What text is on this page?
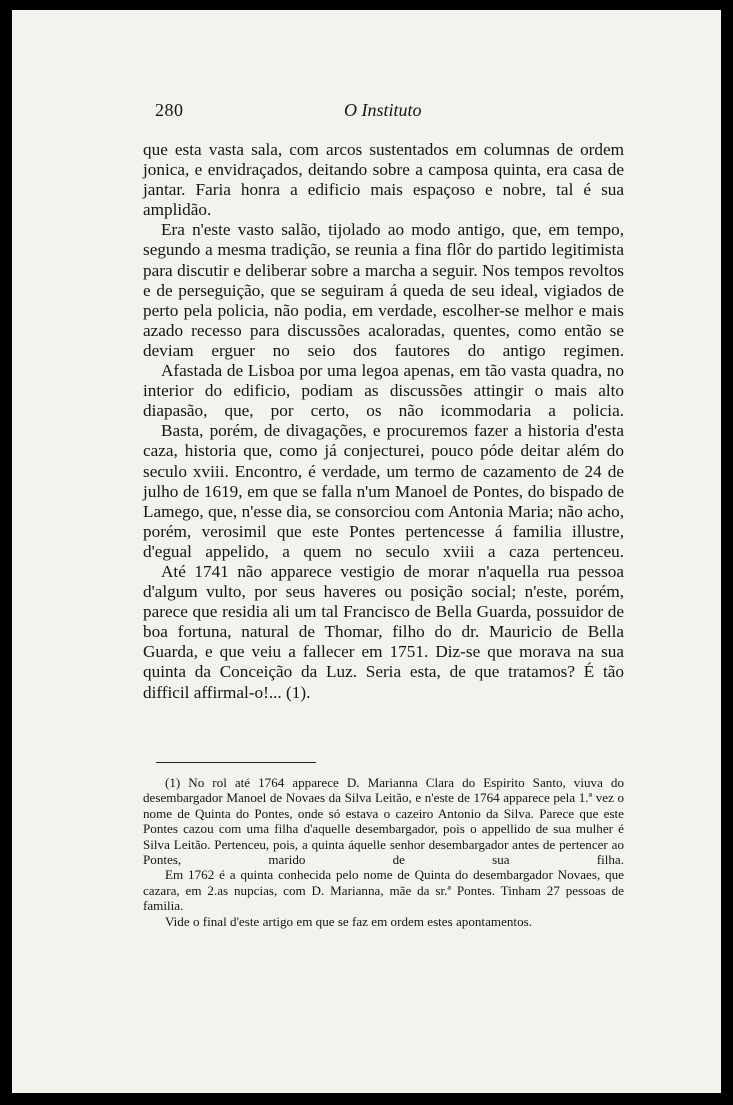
280	O Instituto

que esta vasta sala, com arcos sustentados em columnas de ordem jonica, e envidraçados, deitando sobre a camposa quinta, era casa de jantar. Faria honra a edificio mais espaçoso e nobre, tal é sua amplidão.

Era n'este vasto salão, tijolado ao modo antigo, que, em tempo, segundo a mesma tradição, se reunia a fina flôr do partido legitimista para discutir e deliberar sobre a marcha a seguir. Nos tempos revoltos e de perseguição, que se seguiram á queda de seu ideal, vigiados de perto pela policia, não podia, em verdade, escolher-se melhor e mais azado recesso para discussões acaloradas, quentes, como então se deviam erguer no seio dos fautores do antigo regimen.

Afastada de Lisboa por uma legoa apenas, em tão vasta quadra, no interior do edificio, podiam as discussões attingir o mais alto diapasão, que, por certo, os não icommodaria a policia.

Basta, porém, de divagações, e procuremos fazer a historia d'esta caza, historia que, como já conjecturei, pouco póde deitar além do seculo xviii. Encontro, é verdade, um termo de cazamento de 24 de julho de 1619, em que se falla n'um Manoel de Pontes, do bispado de Lamego, que, n'esse dia, se consorciou com Antonia Maria; não acho, porém, verosimil que este Pontes pertencesse á familia illustre, d'egual appelido, a quem no seculo xviii a caza pertenceu.

Até 1741 não apparece vestigio de morar n'aquella rua pessoa d'algum vulto, por seus haveres ou posição social; n'este, porém, parece que residia ali um tal Francisco de Bella Guarda, possuidor de boa fortuna, natural de Thomar, filho do dr. Mauricio de Bella Guarda, e que veiu a fallecer em 1751. Diz-se que morava na sua quinta da Conceição da Luz. Seria esta, de que tratamos? É tão difficil affirmal-o!... (1).

(1) No rol até 1764 apparece D. Marianna Clara do Espirito Santo, viuva do desembargador Manoel de Novaes da Silva Leitão, e n'este de 1764 apparece pela 1.ª vez o nome de Quinta do Pontes, onde só estava o cazeiro Antonio da Silva. Parece que este Pontes cazou com uma filha d'aquelle desembargador, pois o appellido de sua mulher é Silva Leitão. Pertenceu, pois, a quinta áquelle senhor desembargador antes de pertencer ao Pontes, marido de sua filha.

Em 1762 é a quinta conhecida pelo nome de Quinta do desembargador Novaes, que cazara, em 2.as nupcias, com D. Marianna, mãe da sr.ª Pontes. Tinham 27 pessoas de familia.

Vide o final d'este artigo em que se faz em ordem estes apontamentos.
